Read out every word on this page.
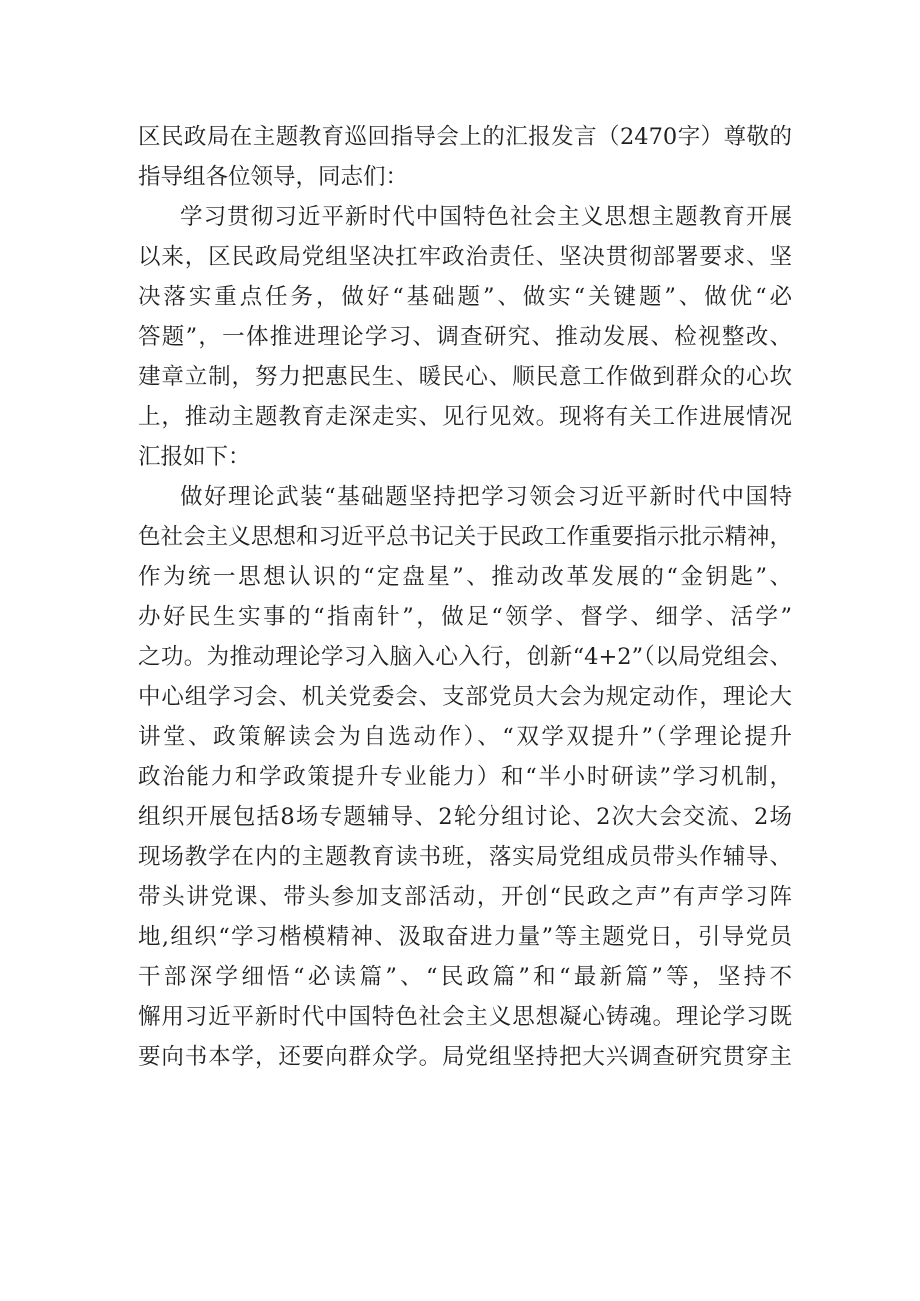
区民政局在主题教育巡回指导会上的汇报发言（2470字）尊敬的
指导组各位领导，同志们：
学习贯彻习近平新时代中国特色社会主义思想主题教育开展
以来，区民政局党组坚决扛牢政治责任、坚决贯彻部署要求、坚
决落实重点任务，做好“基础题”、做实“关键题”、做优“必
答题”，一体推进理论学习、调查研究、推动发展、检视整改、
建章立制，努力把惠民生、暖民心、顺民意工作做到群众的心坎
上，推动主题教育走深走实、见行见效。现将有关工作进展情况
汇报如下：
做好理论武装“基础题坚持把学习领会习近平新时代中国特
色社会主义思想和习近平总书记关于民政工作重要指示批示精神，
作为统一思想认识的“定盘星”、推动改革发展的“金钥匙”、
办好民生实事的“指南针”，做足“领学、督学、细学、活学”
之功。为推动理论学习入脑入心入行，创新“4+2”（以局党组会、
中心组学习会、机关党委会、支部党员大会为规定动作，理论大
讲堂、政策解读会为自选动作）、“双学双提升”（学理论提升
政治能力和学政策提升专业能力）和“半小时研读”学习机制，
组织开展包括8场专题辅导、2轮分组讨论、2次大会交流、2场
现场教学在内的主题教育读书班，落实局党组成员带头作辅导、
带头讲党课、带头参加支部活动，开创“民政之声”有声学习阵
地,组织“学习楷模精神、汲取奋进力量”等主题党日，引导党员
干部深学细悟“必读篇”、“民政篇”和“最新篇”等，坚持不
懈用习近平新时代中国特色社会主义思想凝心铸魂。理论学习既
要向书本学，还要向群众学。局党组坚持把大兴调查研究贯穿主
